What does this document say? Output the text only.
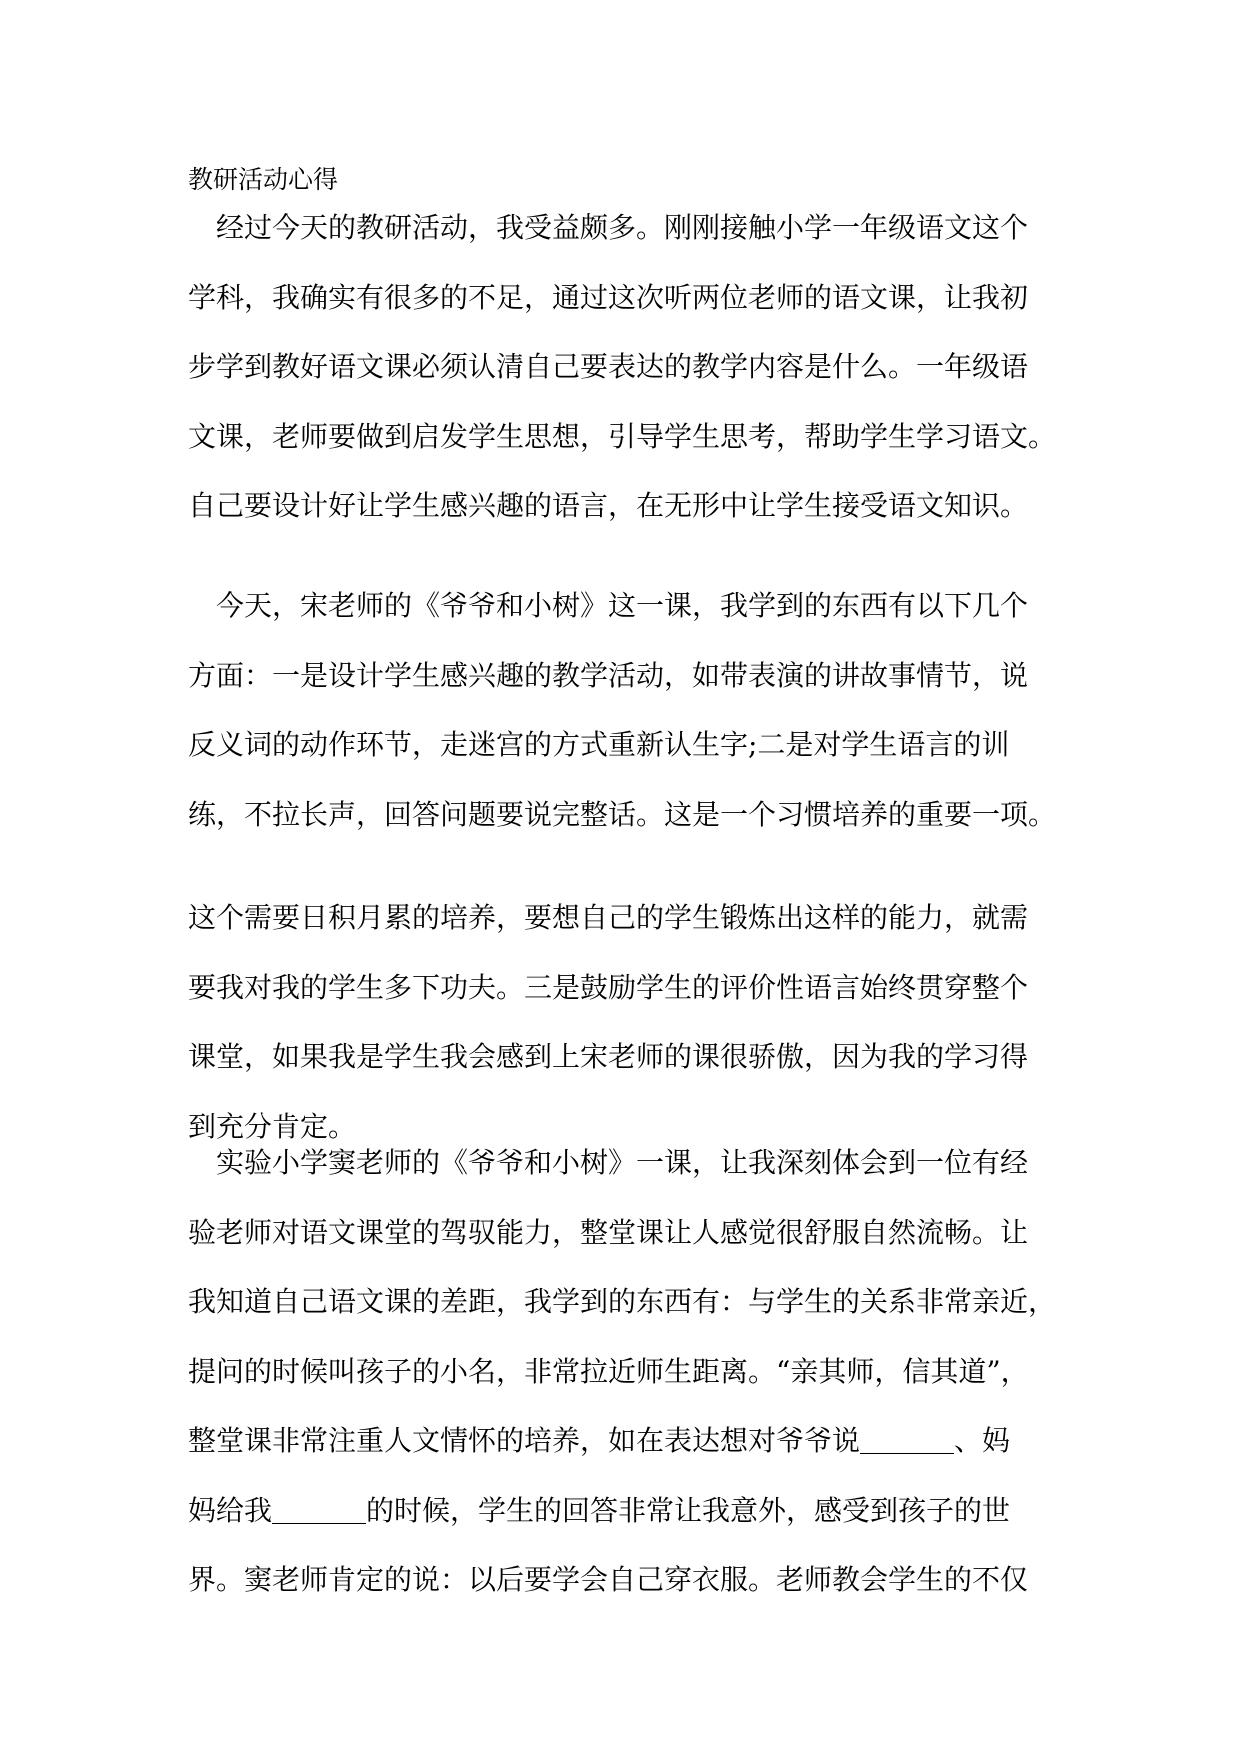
教研活动心得
经过今天的教研活动，我受益颇多。刚刚接触小学一年级语文这个
学科，我确实有很多的不足，通过这次听两位老师的语文课，让我初
步学到教好语文课必须认清自己要表达的教学内容是什么。一年级语
文课，老师要做到启发学生思想，引导学生思考，帮助学生学习语文。
自己要设计好让学生感兴趣的语言，在无形中让学生接受语文知识。
今天，宋老师的《爷爷和小树》这一课，我学到的东西有以下几个
方面：一是设计学生感兴趣的教学活动，如带表演的讲故事情节，说
反义词的动作环节，走迷宫的方式重新认生字;二是对学生语言的训
练，不拉长声，回答问题要说完整话。这是一个习惯培养的重要一项。
这个需要日积月累的培养，要想自己的学生锻炼出这样的能力，就需
要我对我的学生多下功夫。三是鼓励学生的评价性语言始终贯穿整个
课堂，如果我是学生我会感到上宋老师的课很骄傲，因为我的学习得
到充分肯定。
实验小学窦老师的《爷爷和小树》一课，让我深刻体会到一位有经
验老师对语文课堂的驾驭能力，整堂课让人感觉很舒服自然流畅。让
我知道自己语文课的差距，我学到的东西有：与学生的关系非常亲近，
提问的时候叫孩子的小名，非常拉近师生距离。“亲其师，信其道”，
整堂课非常注重人文情怀的培养，如在表达想对爷爷说	、妈
妈给我	的时候，学生的回答非常让我意外，感受到孩子的世
界。窦老师肯定的说：以后要学会自己穿衣服。老师教会学生的不仅
